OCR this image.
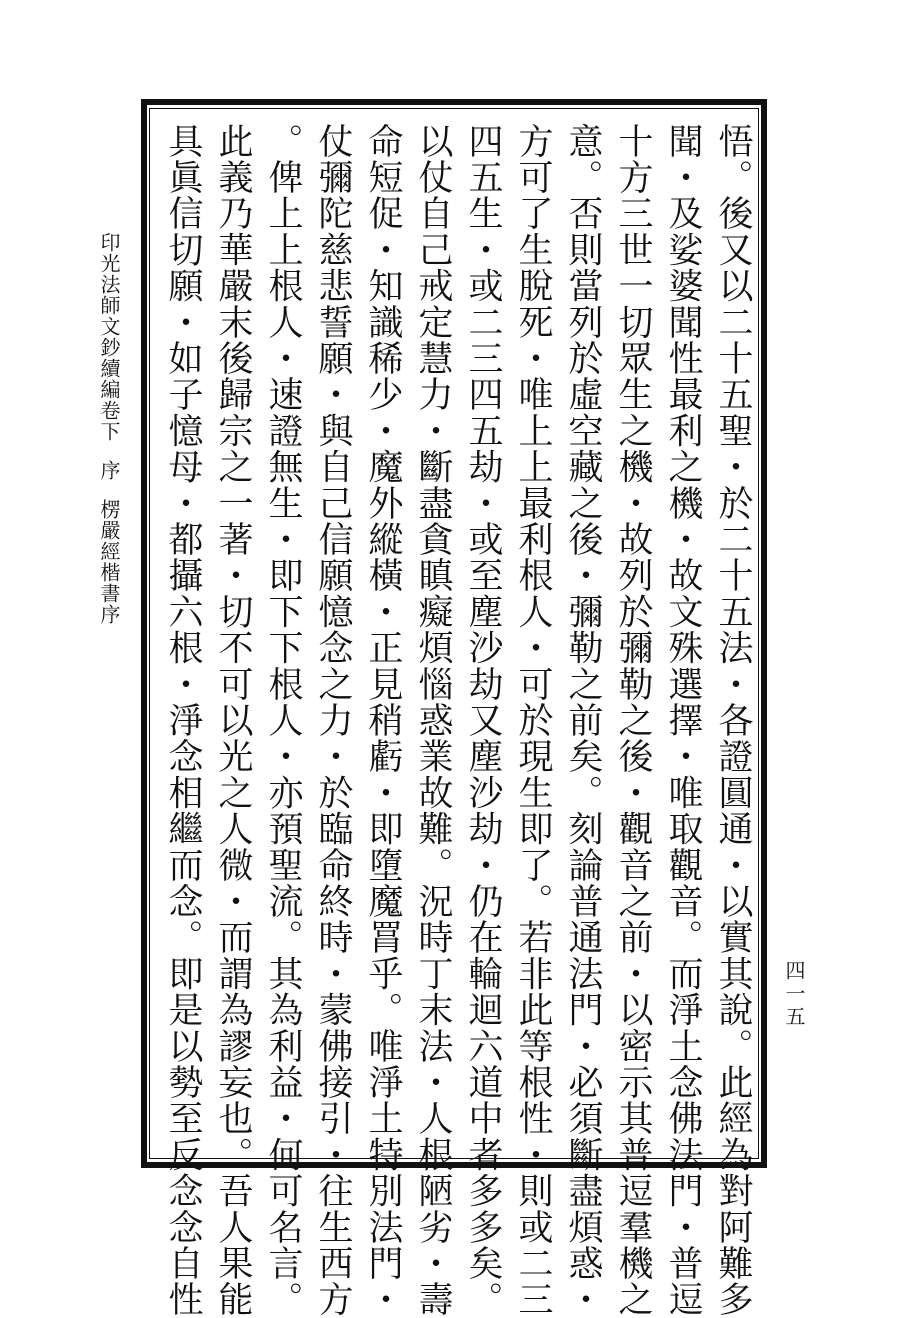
悟。後又以二十五聖・於二十五法・各證圓通・以實其說。此經為對阿難多
聞・及娑婆聞性最利之機・故文殊選擇・唯取觀音。而淨土念佛法門・普逗
十方三世一切眾生之機・故列於彌勒之後・觀音之前・以密示其普逗羣機之
意。否則當列於虛空藏之後・彌勒之前矣。刻論普通法門・必須斷盡煩惑・
方可了生脫死・唯上上最利根人・可於現生即了。若非此等根性・則或二三
四五生・或二三四五劫・或至塵沙劫又塵沙劫・仍在輪迴六道中者多多矣。
以仗自己戒定慧力・斷盡貪瞋癡煩惱惑業故難。況時丁末法・人根陋劣・壽
命短促・知識稀少・魔外縱橫・正見稍虧・即墮魔罥乎。唯淨土特別法門・
仗彌陀慈悲誓願・與自己信願憶念之力・於臨命終時・蒙佛接引・往生西方
。俾上上根人・速證無生・即下下根人・亦預聖流。其為利益・何可名言。
此義乃華嚴末後歸宗之一著・切不可以光之人微・而謂為謬妄也。吾人果能
具眞信切願・如子憶母・都攝六根・淨念相繼而念。即是以勢至反念念自性
印光法師文鈔續編卷下序楞嚴經楷書序
四一五
